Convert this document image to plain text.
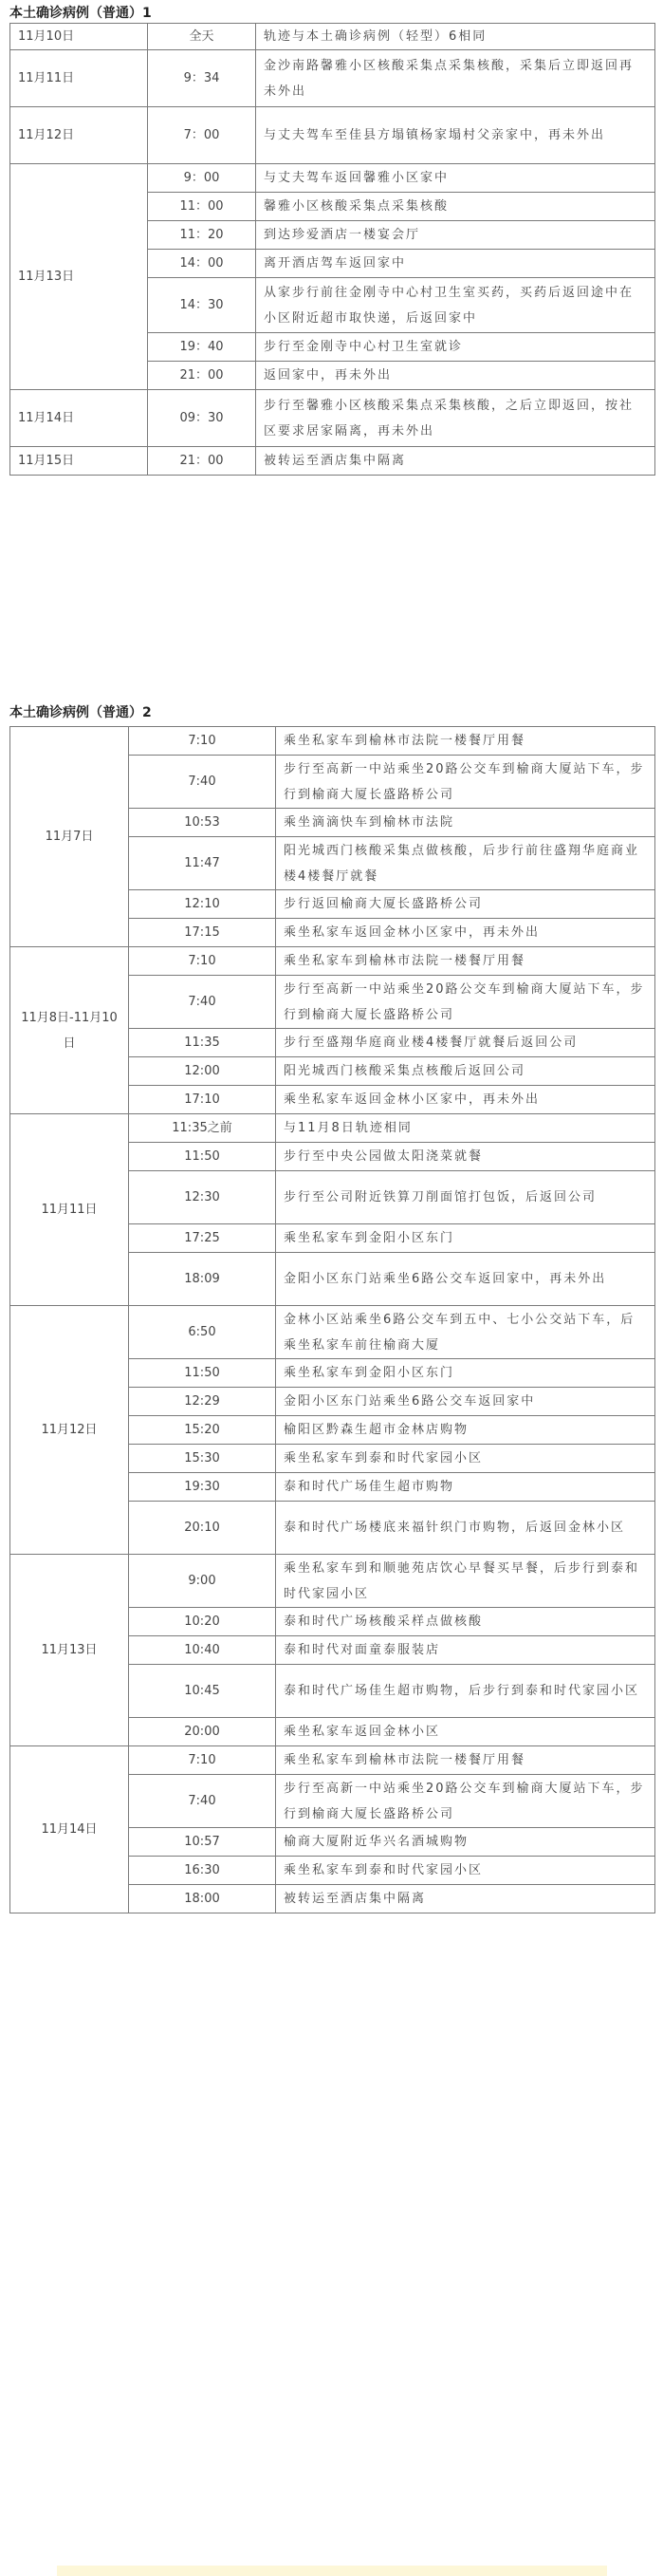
本土确诊病例（普通）1
11月10日	全天	轨迹与本土确诊病例（轻型）6相同
11月11日	9：34	金沙南路馨雅小区核酸采集点采集核酸，采集后立即返回再未外出
11月12日	7：00	与丈夫驾车至佳县方塌镇杨家塌村父亲家中，再未外出
11月13日	9：00	与丈夫驾车返回馨雅小区家中
	11：00	馨雅小区核酸采集点采集核酸
	11：20	到达珍爱酒店一楼宴会厅
	14：00	离开酒店驾车返回家中
	14：30	从家步行前往金刚寺中心村卫生室买药，买药后返回途中在小区附近超市取快递，后返回家中
	19：40	步行至金刚寺中心村卫生室就诊
	21：00	返回家中，再未外出
11月14日	09：30	步行至馨雅小区核酸采集点采集核酸，之后立即返回，按社区要求居家隔离，再未外出
11月15日	21：00	被转运至酒店集中隔离
本土确诊病例（普通）2
11月7日	7:10	乘坐私家车到榆林市法院一楼餐厅用餐
	7:40	步行至高新一中站乘坐20路公交车到榆商大厦站下车，步行到榆商大厦长盛路桥公司
	10:53	乘坐滴滴快车到榆林市法院
	11:47	阳光城西门核酸采集点做核酸，后步行前往盛翔华庭商业楼4楼餐厅就餐
	12:10	步行返回榆商大厦长盛路桥公司
	17:15	乘坐私家车返回金林小区家中，再未外出
11月8日-11月10日	7:10	乘坐私家车到榆林市法院一楼餐厅用餐
	7:40	步行至高新一中站乘坐20路公交车到榆商大厦站下车，步行到榆商大厦长盛路桥公司
	11:35	步行至盛翔华庭商业楼4楼餐厅就餐后返回公司
	12:00	阳光城西门核酸采集点核酸后返回公司
	17:10	乘坐私家车返回金林小区家中，再未外出
11月11日	11:35之前	与11月8日轨迹相同
	11:50	步行至中央公园做太阳浇菜就餐
	12:30	步行至公司附近铁算刀削面馆打包饭，后返回公司
	17:25	乘坐私家车到金阳小区东门
	18:09	金阳小区东门站乘坐6路公交车返回家中，再未外出
11月12日	6:50	金林小区站乘坐6路公交车到五中、七小公交站下车，后乘坐私家车前往榆商大厦
	11:50	乘坐私家车到金阳小区东门
	12:29	金阳小区东门站乘坐6路公交车返回家中
	15:20	榆阳区黔森生超市金林店购物
	15:30	乘坐私家车到泰和时代家园小区
	19:30	泰和时代广场佳生超市购物
	20:10	泰和时代广场楼底来福针织门市购物，后返回金林小区
11月13日	9:00	乘坐私家车到和顺驰苑店饮心早餐买早餐，后步行到泰和时代家园小区
	10:20	泰和时代广场核酸采样点做核酸
	10:40	泰和时代对面童泰服装店
	10:45	泰和时代广场佳生超市购物，后步行到泰和时代家园小区
	20:00	乘坐私家车返回金林小区
11月14日	7:10	乘坐私家车到榆林市法院一楼餐厅用餐
	7:40	步行至高新一中站乘坐20路公交车到榆商大厦站下车，步行到榆商大厦长盛路桥公司
	10:57	榆商大厦附近华兴名酒城购物
	16:30	乘坐私家车到泰和时代家园小区
	18:00	被转运至酒店集中隔离
